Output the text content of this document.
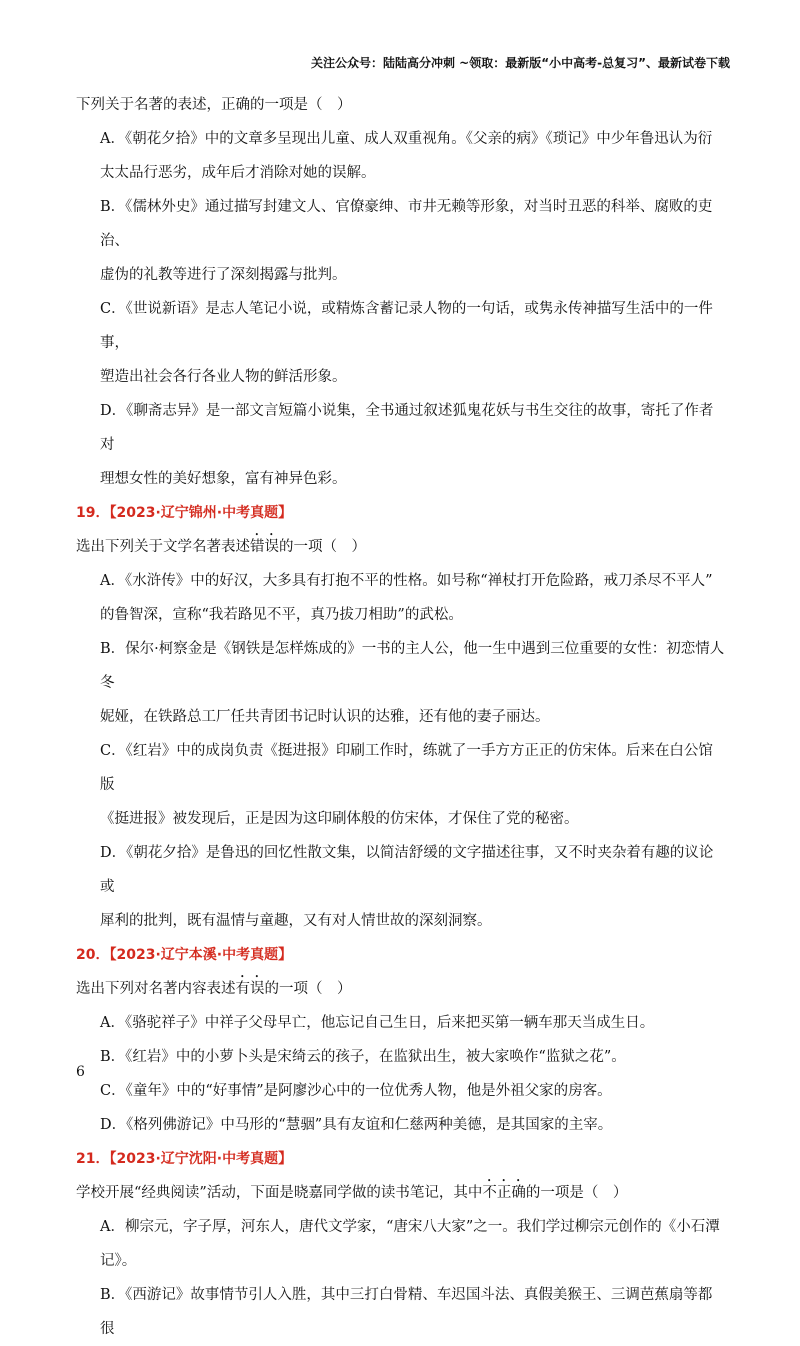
关注公众号：陆陆高分冲刺 ~领取：最新版“小中高考-总复习”、最新试卷下载

下列关于名著的表述，正确的一项是（　）

A．《朝花夕拾》中的文章多呈现出儿童、成人双重视角。《父亲的病》《琐记》中少年鲁迅认为衍
太太品行恶劣，成年后才消除对她的误解。

B．《儒林外史》通过描写封建文人、官僚豪绅、市井无赖等形象，对当时丑恶的科举、腐败的吏治、
虚伪的礼教等进行了深刻揭露与批判。

C．《世说新语》是志人笔记小说，或精炼含蓄记录人物的一句话，或隽永传神描写生活中的一件事，
塑造出社会各行各业人物的鲜活形象。

D．《聊斋志异》是一部文言短篇小说集，全书通过叙述狐鬼花妖与书生交往的故事，寄托了作者对
理想女性的美好想象，富有神异色彩。

19．【2023·辽宁锦州·中考真题】

选出下列关于文学名著表述错误的一项（　）

A．《水浒传》中的好汉，大多具有打抱不平的性格。如号称“禅杖打开危险路，戒刀杀尽不平人”
的鲁智深，宣称“我若路见不平，真乃拔刀相助”的武松。

B．保尔·柯察金是《钢铁是怎样炼成的》一书的主人公，他一生中遇到三位重要的女性：初恋情人冬
妮娅，在铁路总工厂任共青团书记时认识的达雅，还有他的妻子丽达。

C．《红岩》中的成岗负责《挺进报》印刷工作时，练就了一手方方正正的仿宋体。后来在白公馆版
《挺进报》被发现后，正是因为这印刷体般的仿宋体，才保住了党的秘密。

D．《朝花夕拾》是鲁迅的回忆性散文集，以简洁舒缓的文字描述往事，又不时夹杂着有趣的议论或
犀利的批判，既有温情与童趣，又有对人情世故的深刻洞察。

20．【2023·辽宁本溪·中考真题】

选出下列对名著内容表述有误的一项（　）

A．《骆驼祥子》中祥子父母早亡，他忘记自己生日，后来把买第一辆车那天当成生日。

B．《红岩》中的小萝卜头是宋绮云的孩子，在监狱出生，被大家唤作“监狱之花”。

C．《童年》中的“好事情”是阿廖沙心中的一位优秀人物，他是外祖父家的房客。

D．《格列佛游记》中马形的“慧骃”具有友谊和仁慈两种美德，是其国家的主宰。

21．【2023·辽宁沈阳·中考真题】

学校开展“经典阅读”活动，下面是晓嘉同学做的读书笔记，其中不正确的一项是（　）

A．柳宗元，字子厚，河东人，唐代文学家，“唐宋八大家”之一。我们学过柳宗元创作的《小石潭
记》。

B．《西游记》故事情节引人入胜，其中三打白骨精、车迟国斗法、真假美猴王、三调芭蕉扇等都很

6
